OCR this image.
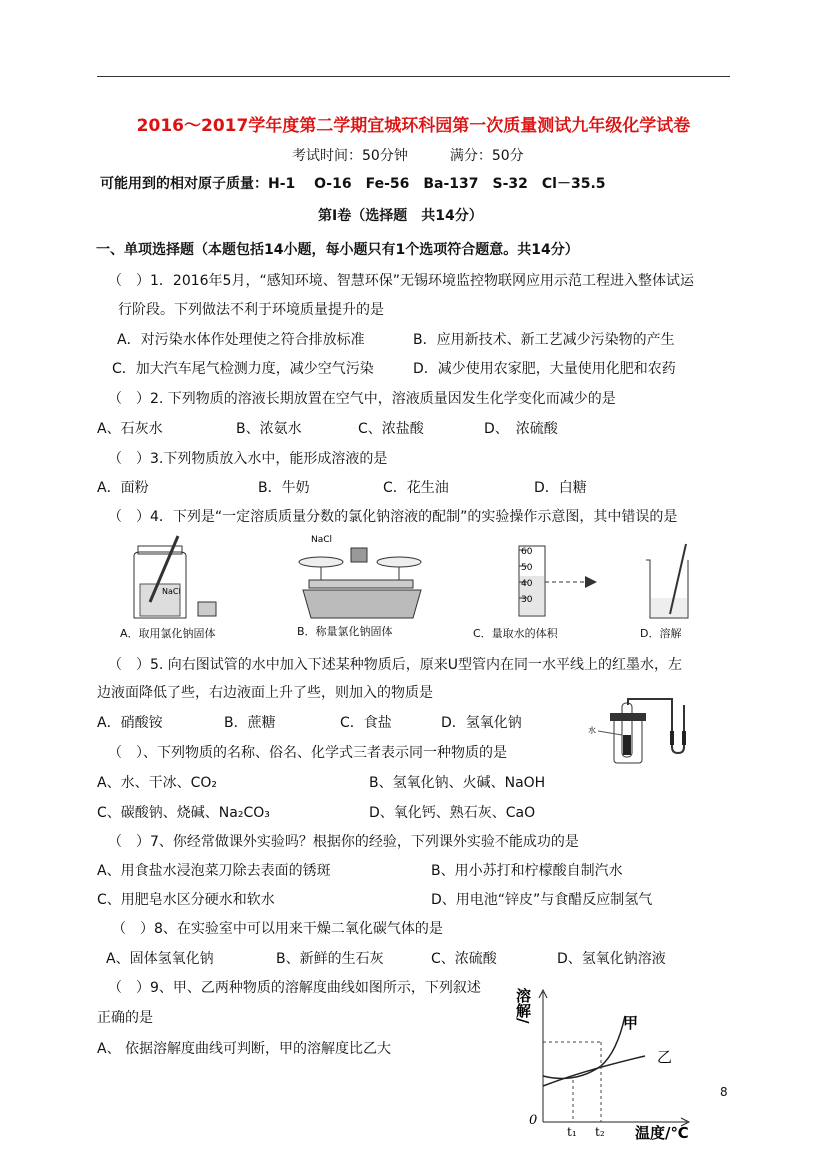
2016～2017学年度第二学期宜城环科园第一次质量测试九年级化学试卷
考试时间：50分钟　　　满分：50分
可能用到的相对原子质量：H-1　 O-16　Fe-56　Ba-137　S-32　Cl－35.5
第Ⅰ卷（选择题　共14分）
一、单项选择题（本题包括14小题，每小题只有1个选项符合题意。共14分）
（　）1．2016年5月，“感知环境、智慧环保”无锡环境监控物联网应用示范工程进入整体试运
行阶段。下列做法不利于环境质量提升的是
A．对污染水体作处理使之符合排放标准	B．应用新技术、新工艺减少污染物的产生
C．加大汽车尾气检测力度，减少空气污染	D．减少使用农家肥，大量使用化肥和农药
（　）2. 下列物质的溶液长期放置在空气中，溶液质量因发生化学变化而减少的是
A、石灰水	B、浓氨水	C、浓盐酸	D、　浓硫酸
（　）3.下列物质放入水中，能形成溶液的是
A．面粉	B．牛奶	C．花生油	D．白糖
（　）4．下列是“一定溶质质量分数的氯化钠溶液的配制”的实验操作示意图，其中错误的是
NaCl
NaCl
60
50
40
30
A．取用氯化钠固体	B．称量氯化钠固体	C．量取水的体积	D．溶解
（　）5. 向右图试管的水中加入下述某种物质后，原来U型管内在同一水平线上的红墨水，左
边液面降低了些，右边液面上升了些，则加入的物质是
A．硝酸铵	B．蔗糖	C．食盐	D．氢氧化钠	水
（　）、下列物质的名称、俗名、化学式三者表示同一种物质的是
A、水、干冰、CO₂	B、氢氧化钠、火碱、NaOH
C、碳酸钠、烧碱、Na₂CO₃	D、氧化钙、熟石灰、CaO
（　）7、你经常做课外实验吗？根据你的经验，下列课外实验不能成功的是
A、用食盐水浸泡菜刀除去表面的锈斑	B、用小苏打和柠檬酸自制汽水
C、用肥皂水区分硬水和软水	D、用电池“锌皮”与食醋反应制氢气
（　）8、在实验室中可以用来干燥二氧化碳气体的是
A、固体氢氧化钠	B、新鲜的生石灰	C、浓硫酸	D、氢氧化钠溶液
（　）9、甲、乙两种物质的溶解度曲线如图所示，下列叙述
正确的是
A、 依据溶解度曲线可判断，甲的溶解度比乙大
溶解/
0
甲
乙
t₁ t₂ 温度/℃
8
